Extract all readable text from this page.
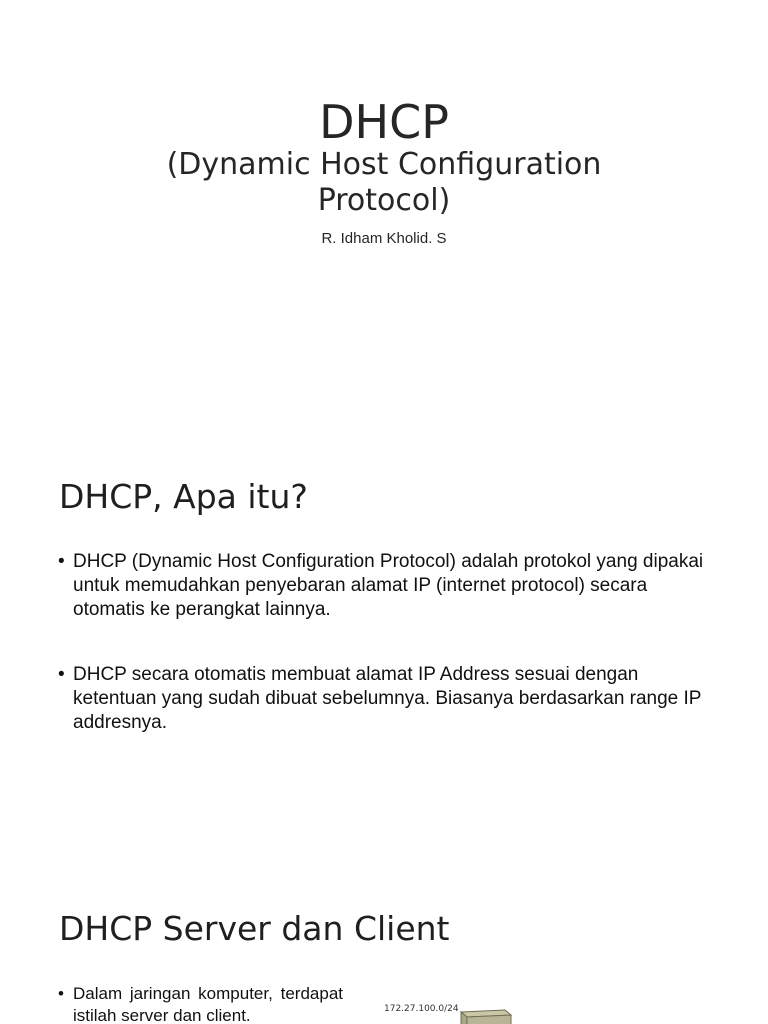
DHCP
(Dynamic Host Configuration Protocol)
R. Idham Kholid. S
DHCP, Apa itu?
• DHCP (Dynamic Host Configuration Protocol) adalah protokol yang dipakai untuk memudahkan penyebaran alamat IP (internet protocol) secara otomatis ke perangkat lainnya.
• DHCP secara otomatis membuat alamat IP Address sesuai dengan ketentuan yang sudah dibuat sebelumnya. Biasanya berdasarkan range IP addresnya.
DHCP Server dan Client
• Dalam jaringan komputer, terdapat istilah server dan client.	172.27.100.0/24
